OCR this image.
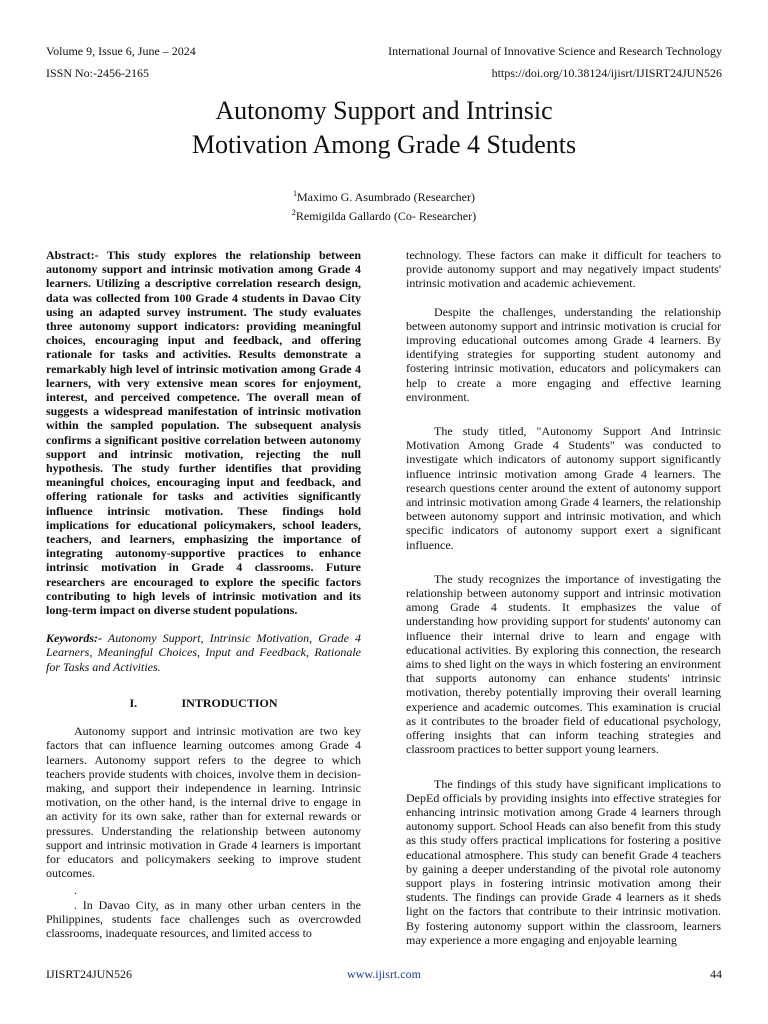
Volume 9, Issue 6, June – 2024	International Journal of Innovative Science and Research Technology
ISSN No:-2456-2165	https://doi.org/10.38124/ijisrt/IJISRT24JUN526
Autonomy Support and Intrinsic
Motivation Among Grade 4 Students
$^1$Maximo G. Asumbrado (Researcher)
$^2$Remigilda Gallardo (Co- Researcher)

Abstract:- This study explores the relationship between autonomy support and intrinsic motivation among Grade 4 learners. Utilizing a descriptive correlation research design, data was collected from 100 Grade 4 students in Davao City using an adapted survey instrument. The study evaluates three autonomy support indicators: providing meaningful choices, encouraging input and feedback, and offering rationale for tasks and activities. Results demonstrate a remarkably high level of intrinsic motivation among Grade 4 learners, with very extensive mean scores for enjoyment, interest, and perceived competence. The overall mean of suggests a widespread manifestation of intrinsic motivation within the sampled population. The subsequent analysis confirms a significant positive correlation between autonomy support and intrinsic motivation, rejecting the null hypothesis. The study further identifies that providing meaningful choices, encouraging input and feedback, and offering rationale for tasks and activities significantly influence intrinsic motivation. These findings hold implications for educational policymakers, school leaders, teachers, and learners, emphasizing the importance of integrating autonomy-supportive practices to enhance intrinsic motivation in Grade 4 classrooms. Future researchers are encouraged to explore the specific factors contributing to high levels of intrinsic motivation and its long-term impact on diverse student populations.

Keywords:- Autonomy Support, Intrinsic Motivation, Grade 4 Learners, Meaningful Choices, Input and Feedback, Rationale for Tasks and Activities.

I.	INTRODUCTION

Autonomy support and intrinsic motivation are two key factors that can influence learning outcomes among Grade 4 learners. Autonomy support refers to the degree to which teachers provide students with choices, involve them in decision-making, and support their independence in learning. Intrinsic motivation, on the other hand, is the internal drive to engage in an activity for its own sake, rather than for external rewards or pressures. Understanding the relationship between autonomy support and intrinsic motivation in Grade 4 learners is important for educators and policymakers seeking to improve student outcomes.

.

. In Davao City, as in many other urban centers in the Philippines, students face challenges such as overcrowded classrooms, inadequate resources, and limited access to

technology. These factors can make it difficult for teachers to provide autonomy support and may negatively impact students' intrinsic motivation and academic achievement.

Despite the challenges, understanding the relationship between autonomy support and intrinsic motivation is crucial for improving educational outcomes among Grade 4 learners. By identifying strategies for supporting student autonomy and fostering intrinsic motivation, educators and policymakers can help to create a more engaging and effective learning environment.

The study titled, "Autonomy Support And Intrinsic Motivation Among Grade 4 Students" was conducted to investigate which indicators of autonomy support significantly influence intrinsic motivation among Grade 4 learners. The research questions center around the extent of autonomy support and intrinsic motivation among Grade 4 learners, the relationship between autonomy support and intrinsic motivation, and which specific indicators of autonomy support exert a significant influence.

The study recognizes the importance of investigating the relationship between autonomy support and intrinsic motivation among Grade 4 students. It emphasizes the value of understanding how providing support for students' autonomy can influence their internal drive to learn and engage with educational activities. By exploring this connection, the research aims to shed light on the ways in which fostering an environment that supports autonomy can enhance students' intrinsic motivation, thereby potentially improving their overall learning experience and academic outcomes. This examination is crucial as it contributes to the broader field of educational psychology, offering insights that can inform teaching strategies and classroom practices to better support young learners.

The findings of this study have significant implications to DepEd officials by providing insights into effective strategies for enhancing intrinsic motivation among Grade 4 learners through autonomy support. School Heads can also benefit from this study as this study offers practical implications for fostering a positive educational atmosphere. This study can benefit Grade 4 teachers by gaining a deeper understanding of the pivotal role autonomy support plays in fostering intrinsic motivation among their students. The findings can provide Grade 4 learners as it sheds light on the factors that contribute to their intrinsic motivation. By fostering autonomy support within the classroom, learners may experience a more engaging and enjoyable learning

IJISRT24JUN526	www.ijisrt.com	44
